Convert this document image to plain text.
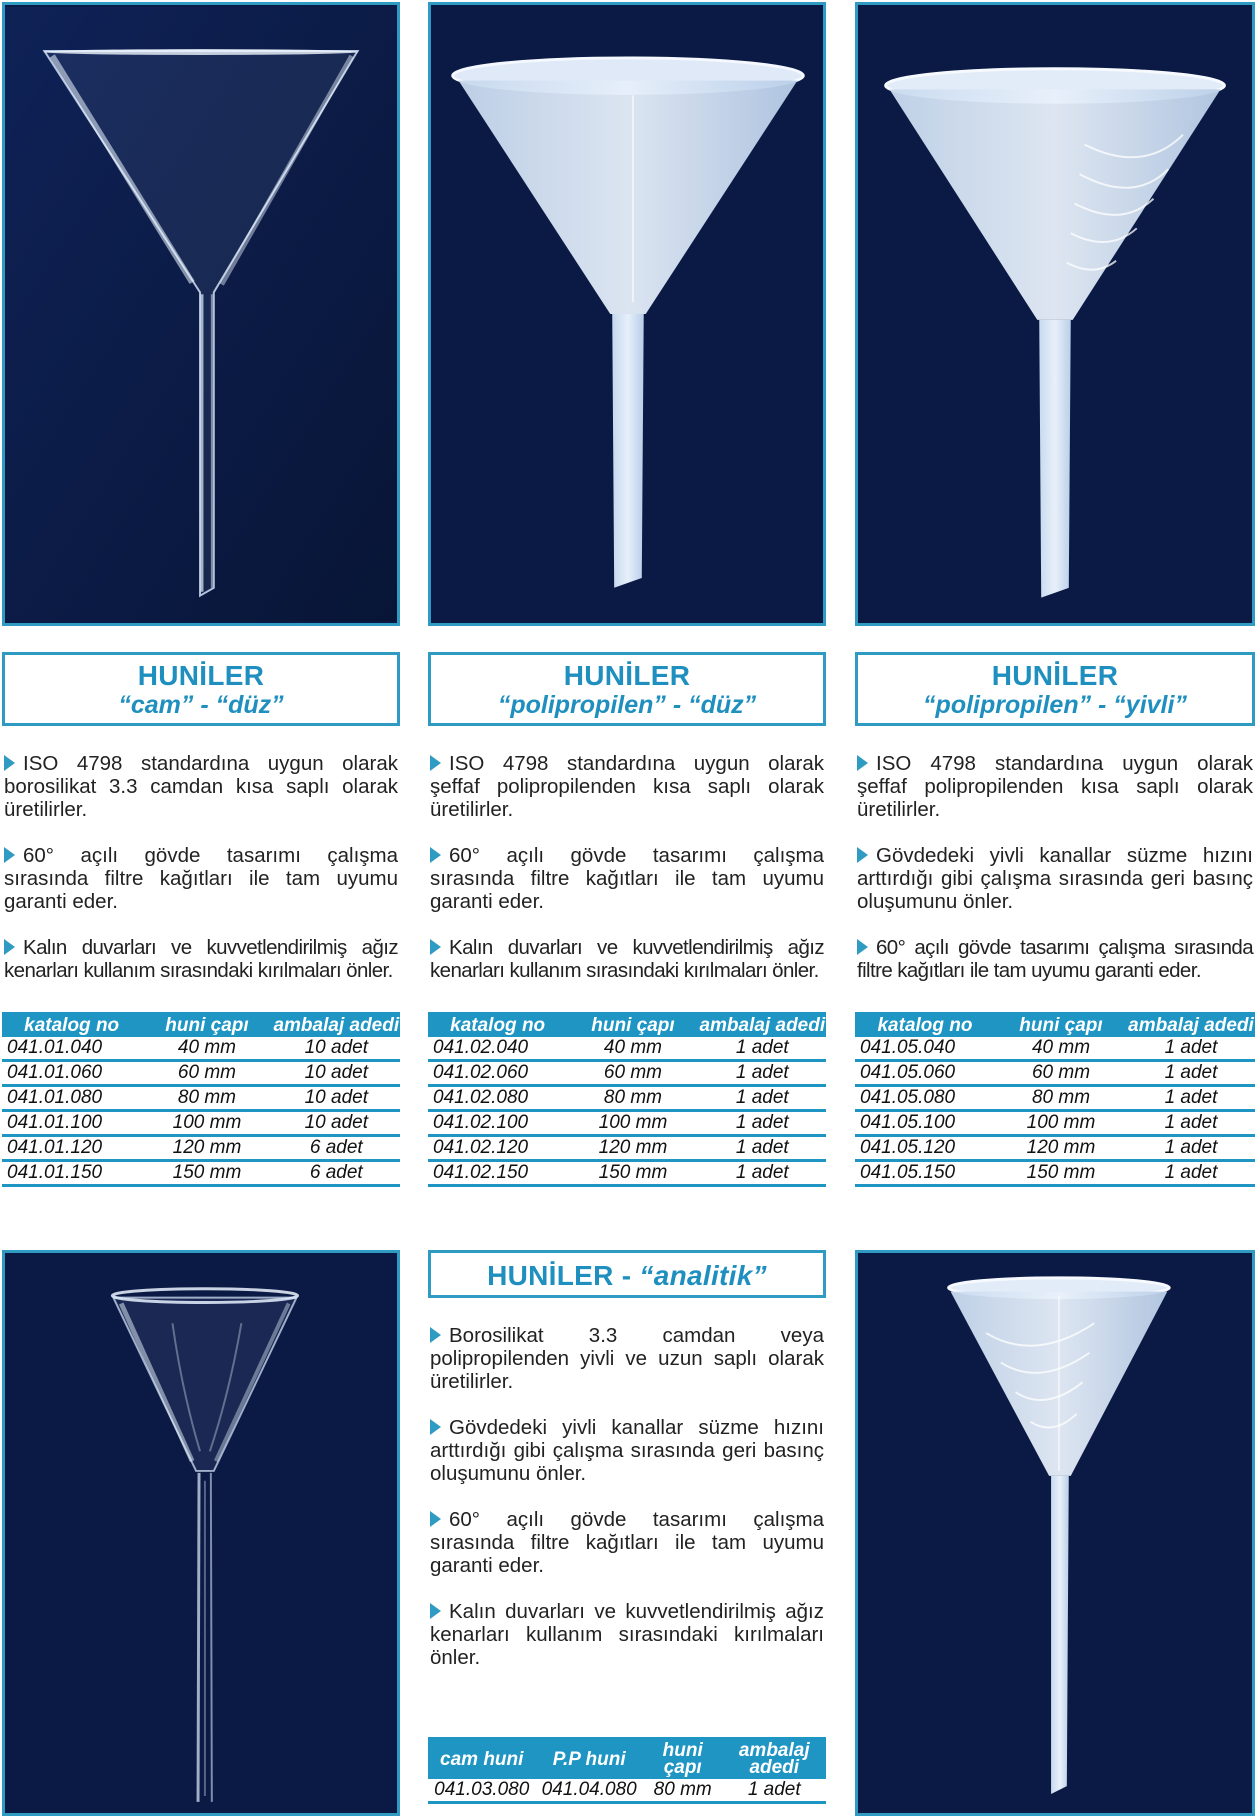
HUNİLER
“cam” - “düz”

ISO 4798 standardına uygun olarak borosilikat 3.3 camdan kısa saplı olarak üretilirler.

60° açılı gövde tasarımı çalışma sırasında filtre kağıtları ile tam uyumu garanti eder.

Kalın duvarları ve kuvvetlendirilmiş ağız kenarları kullanım sırasındaki kırılmaları önler.

katalog no	huni çapı	ambalaj adedi
041.01.040	40 mm	10 adet
041.01.060	60 mm	10 adet
041.01.080	80 mm	10 adet
041.01.100	100 mm	10 adet
041.01.120	120 mm	6 adet
041.01.150	150 mm	6 adet
HUNİLER
“polipropilen” - “düz”

ISO 4798 standardına uygun olarak şeffaf polipropilenden kısa saplı olarak üretilirler.

60° açılı gövde tasarımı çalışma sırasında filtre kağıtları ile tam uyumu garanti eder.

Kalın duvarları ve kuvvetlendirilmiş ağız kenarları kullanım sırasındaki kırılmaları önler.

katalog no	huni çapı	ambalaj adedi
041.02.040	40 mm	1 adet
041.02.060	60 mm	1 adet
041.02.080	80 mm	1 adet
041.02.100	100 mm	1 adet
041.02.120	120 mm	1 adet
041.02.150	150 mm	1 adet
HUNİLER
“polipropilen” - “yivli”

ISO 4798 standardına uygun olarak şeffaf polipropilenden kısa saplı olarak üretilirler.

Gövdedeki yivli kanallar süzme hızını arttırdığı gibi çalışma sırasında geri basınç oluşumunu önler.

60° açılı gövde tasarımı çalışma sırasında filtre kağıtları ile tam uyumu garanti eder.

katalog no	huni çapı	ambalaj adedi
041.05.040	40 mm	1 adet
041.05.060	60 mm	1 adet
041.05.080	80 mm	1 adet
041.05.100	100 mm	1 adet
041.05.120	120 mm	1 adet
041.05.150	150 mm	1 adet
HUNİLER - “analitik”

Borosilikat 3.3 camdan veya polipropilenden yivli ve uzun saplı olarak üretilirler.

Gövdedeki yivli kanallar süzme hızını arttırdığı gibi çalışma sırasında geri basınç oluşumunu önler.

60° açılı gövde tasarımı çalışma sırasında filtre kağıtları ile tam uyumu garanti eder.

Kalın duvarları ve kuvvetlendirilmiş ağız kenarları kullanım sırasındaki kırılmaları önler.

cam huni	P.P huni	huni çapı	ambalaj adedi
041.03.080	041.04.080	80 mm	1 adet
